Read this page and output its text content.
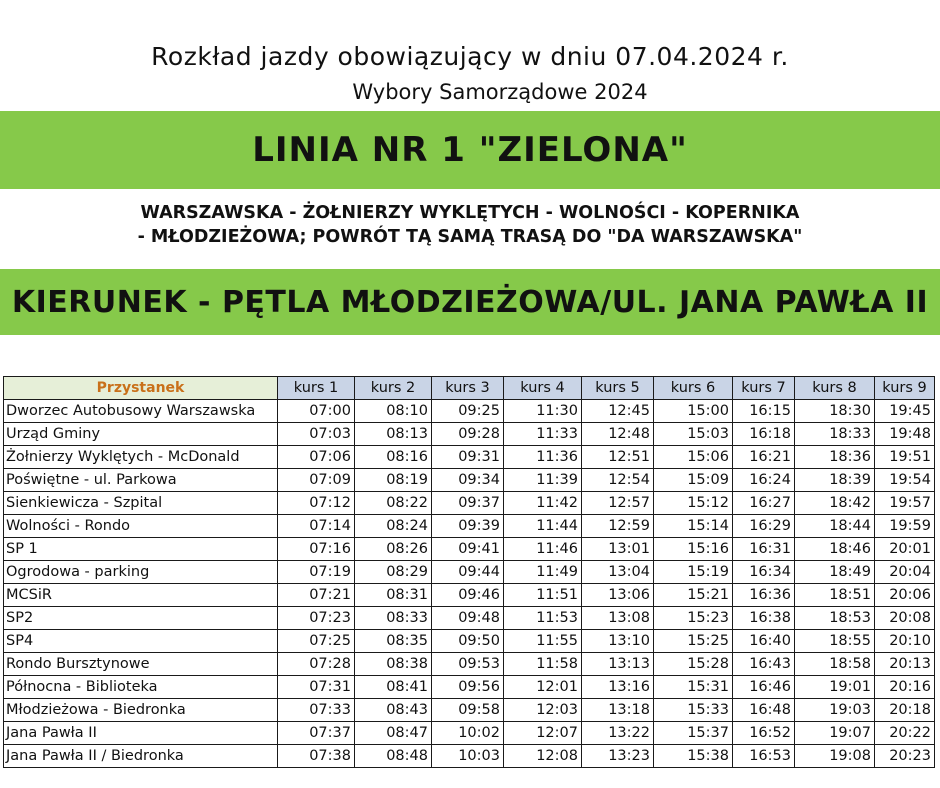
Rozkład jazdy obowiązujący w dniu 07.04.2024 r.
Wybory Samorządowe 2024
LINIA NR 1 "ZIELONA"
WARSZAWSKA - ŻOŁNIERZY WYKLĘTYCH - WOLNOŚCI - KOPERNIKA
- MŁODZIEŻOWA; POWRÓT TĄ SAMĄ TRASĄ DO "DA WARSZAWSKA"
KIERUNEK - PĘTLA MŁODZIEŻOWA/UL. JANA PAWŁA II
Przystanek	kurs 1	kurs 2	kurs 3	kurs 4	kurs 5	kurs 6	kurs 7	kurs 8	kurs 9
Dworzec Autobusowy Warszawska	07:00	08:10	09:25	11:30	12:45	15:00	16:15	18:30	19:45
Urząd Gminy	07:03	08:13	09:28	11:33	12:48	15:03	16:18	18:33	19:48
Żołnierzy Wyklętych - McDonald	07:06	08:16	09:31	11:36	12:51	15:06	16:21	18:36	19:51
Poświętne - ul. Parkowa	07:09	08:19	09:34	11:39	12:54	15:09	16:24	18:39	19:54
Sienkiewicza - Szpital	07:12	08:22	09:37	11:42	12:57	15:12	16:27	18:42	19:57
Wolności - Rondo	07:14	08:24	09:39	11:44	12:59	15:14	16:29	18:44	19:59
SP 1	07:16	08:26	09:41	11:46	13:01	15:16	16:31	18:46	20:01
Ogrodowa - parking	07:19	08:29	09:44	11:49	13:04	15:19	16:34	18:49	20:04
MCSiR	07:21	08:31	09:46	11:51	13:06	15:21	16:36	18:51	20:06
SP2	07:23	08:33	09:48	11:53	13:08	15:23	16:38	18:53	20:08
SP4	07:25	08:35	09:50	11:55	13:10	15:25	16:40	18:55	20:10
Rondo Bursztynowe	07:28	08:38	09:53	11:58	13:13	15:28	16:43	18:58	20:13
Północna - Biblioteka	07:31	08:41	09:56	12:01	13:16	15:31	16:46	19:01	20:16
Młodzieżowa - Biedronka	07:33	08:43	09:58	12:03	13:18	15:33	16:48	19:03	20:18
Jana Pawła II	07:37	08:47	10:02	12:07	13:22	15:37	16:52	19:07	20:22
Jana Pawła II / Biedronka	07:38	08:48	10:03	12:08	13:23	15:38	16:53	19:08	20:23
